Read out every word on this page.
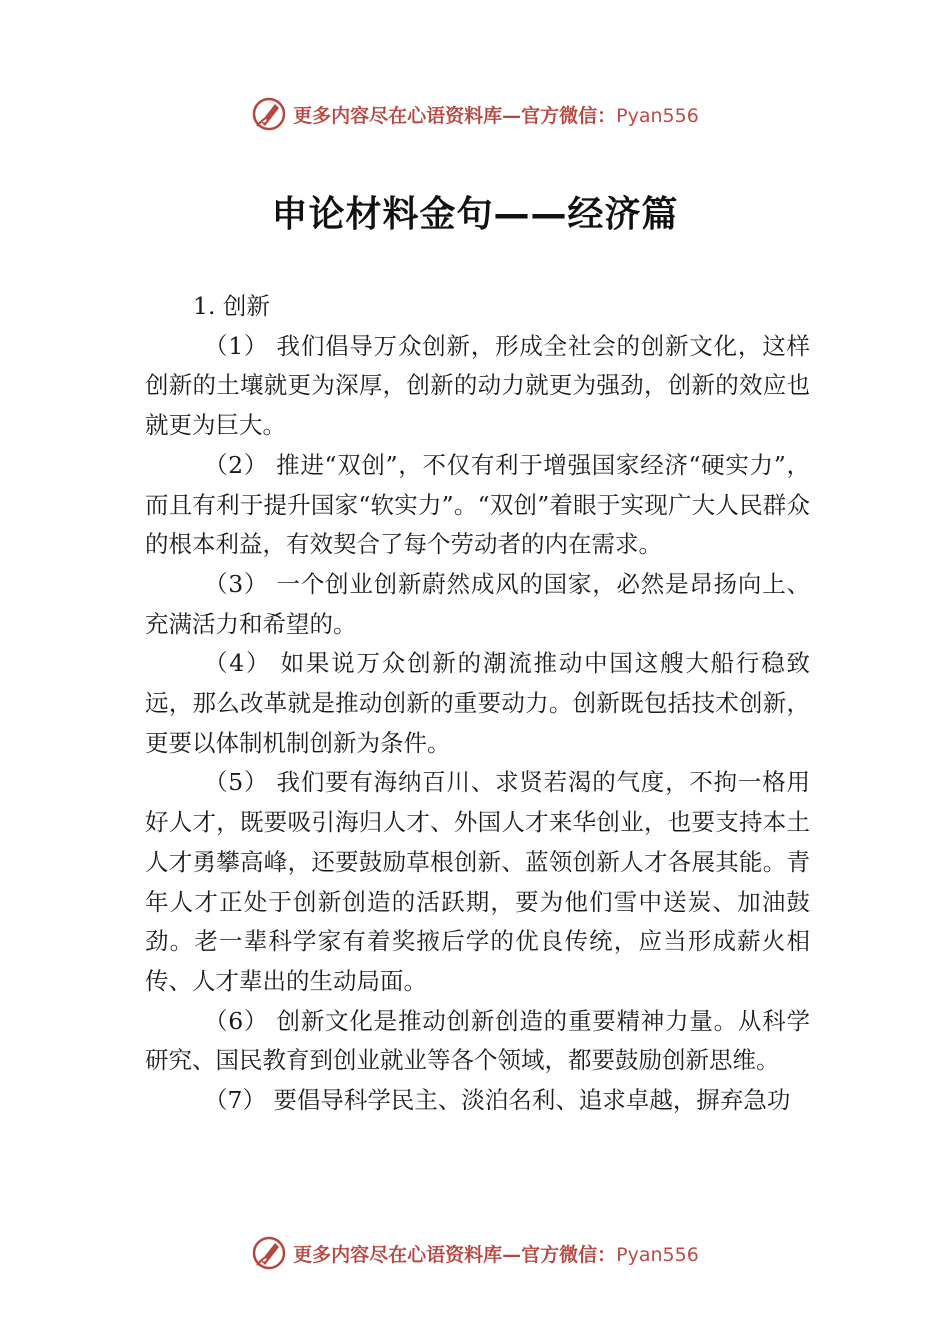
更多内容尽在心语资料库—官方微信：Pyan556
申论材料金句——经济篇

1. 创新

（1） 我们倡导万众创新，形成全社会的创新文化，这样创新的土壤就更为深厚，创新的动力就更为强劲，创新的效应也就更为巨大。

（2） 推进“双创”，不仅有利于增强国家经济“硬实力”，而且有利于提升国家“软实力”。“双创”着眼于实现广大人民群众的根本利益，有效契合了每个劳动者的内在需求。

（3） 一个创业创新蔚然成风的国家，必然是昂扬向上、充满活力和希望的。

（4） 如果说万众创新的潮流推动中国这艘大船行稳致远，那么改革就是推动创新的重要动力。创新既包括技术创新，更要以体制机制创新为条件。

（5） 我们要有海纳百川、求贤若渴的气度，不拘一格用好人才，既要吸引海归人才、外国人才来华创业，也要支持本土人才勇攀高峰，还要鼓励草根创新、蓝领创新人才各展其能。青年人才正处于创新创造的活跃期，要为他们雪中送炭、加油鼓劲。老一辈科学家有着奖掖后学的优良传统，应当形成薪火相传、人才辈出的生动局面。

（6） 创新文化是推动创新创造的重要精神力量。从科学研究、国民教育到创业就业等各个领域，都要鼓励创新思维。

（7） 要倡导科学民主、淡泊名利、追求卓越，摒弃急功

更多内容尽在心语资料库—官方微信：Pyan556
